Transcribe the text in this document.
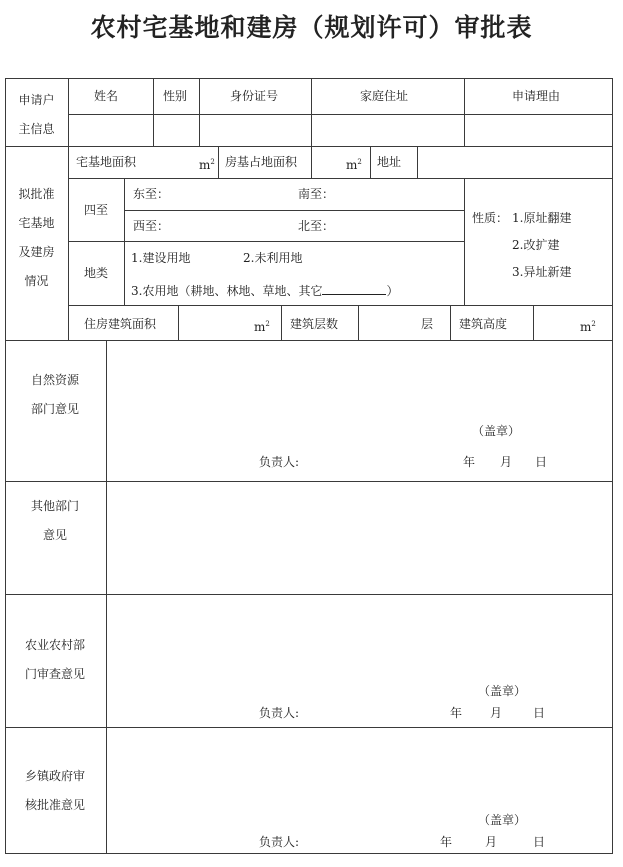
农村宅基地和建房（规划许可）审批表
申请户
主信息
姓名	性别	身份证号	家庭住址	申请理由
拟批准
宅基地
及建房
情况
宅基地面积	$m^2$ 房基占地面积	$m^2$ 地址
四至
东至：	南至：
西至：	北至：
地类
1.建设用地	2.未利用地
3.农用地（耕地、林地、草地、其它	）
性质： 1.原址翻建
2.改扩建
3.异址新建
住房建筑面积	$m^2$ 建筑层数	层 建筑高度	$m^2$
自然资源
部门意见
（盖章）
负责人:	年 月 日
其他部门
意见
农业农村部
门审查意见
（盖章）
负责人:	年 月	日
乡镇政府审
核批准意见
（盖章）
负责人:	年	月	日
